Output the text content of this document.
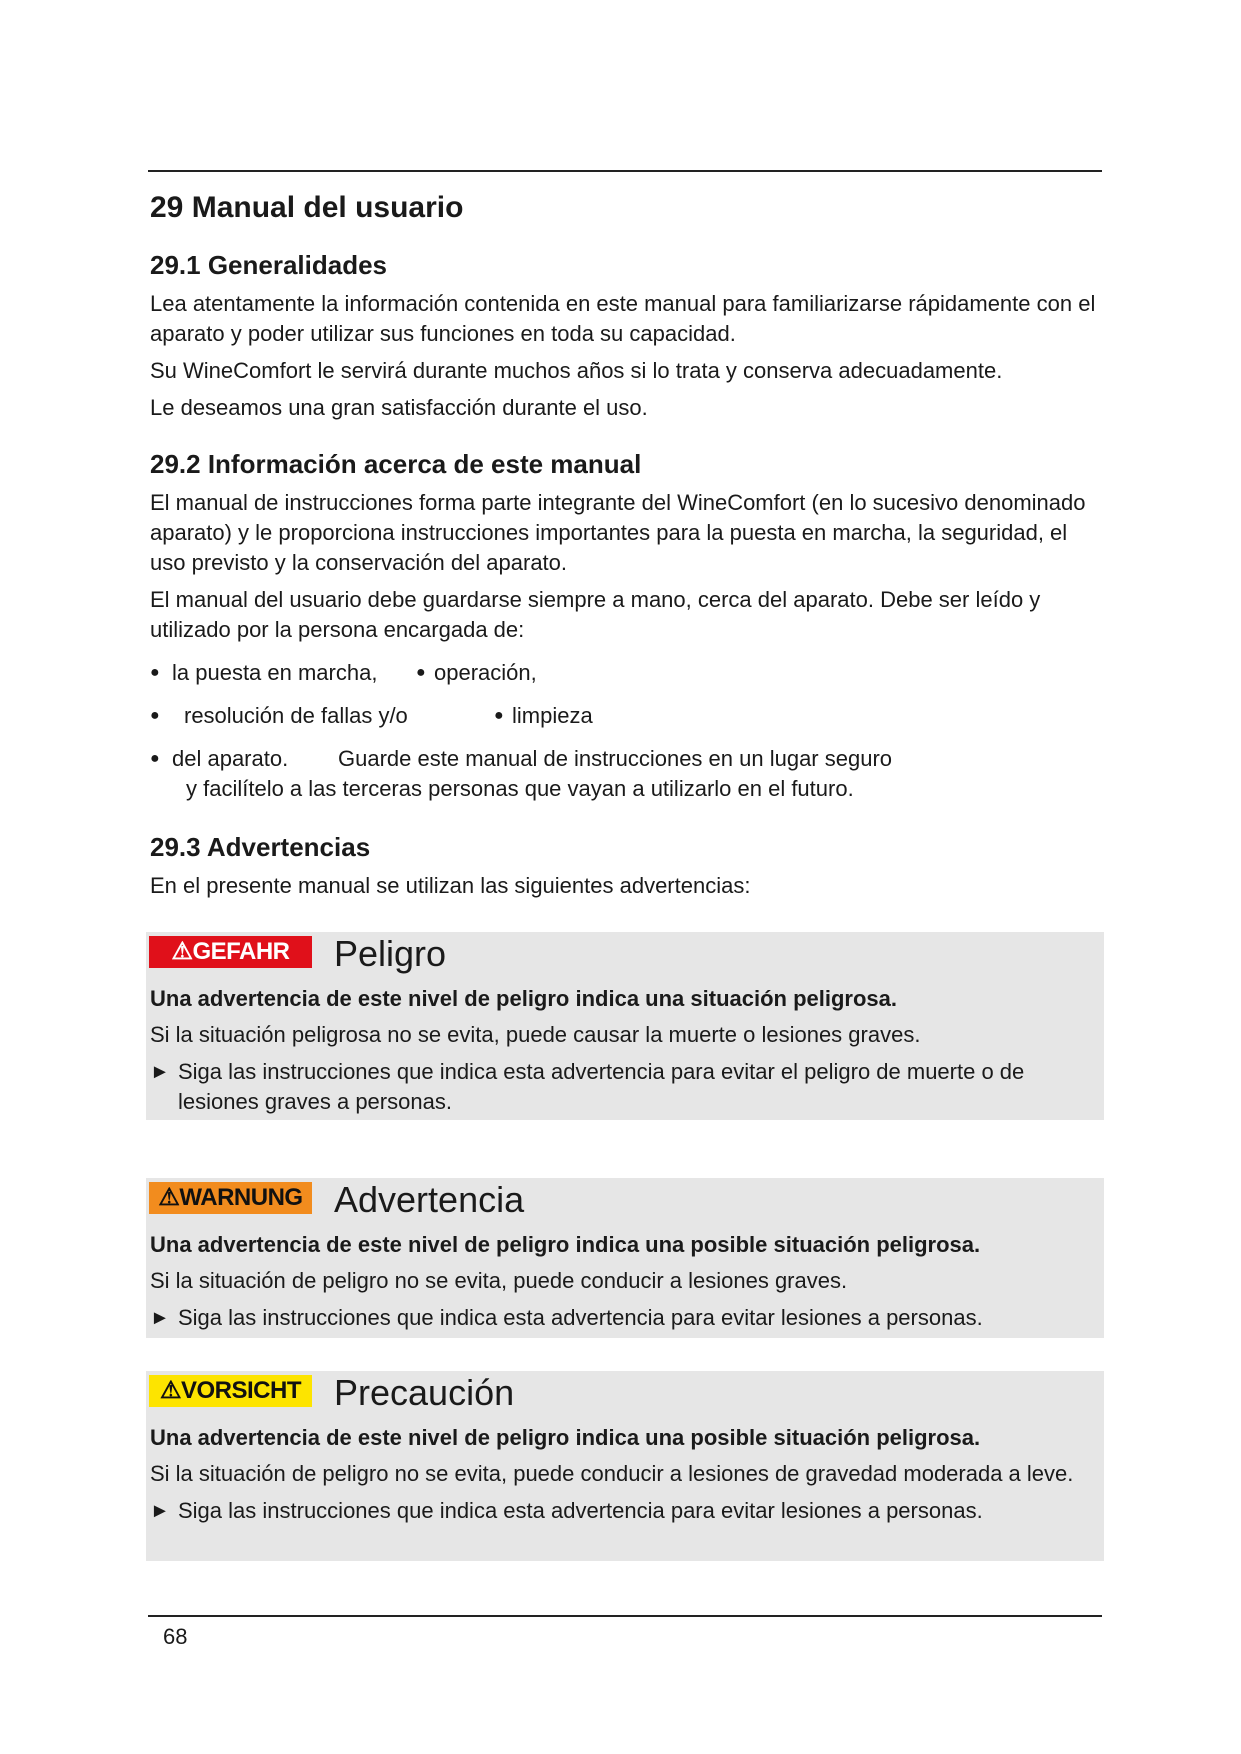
29 Manual del usuario
29.1 Generalidades

Lea atentamente la información contenida en este manual para familiarizarse rápidamente con el aparato y poder utilizar sus funciones en toda su capacidad.

Su WineComfort le servirá durante muchos años si lo trata y conserva adecuadamente.

Le deseamos una gran satisfacción durante el uso.

29.2 Información acerca de este manual

El manual de instrucciones forma parte integrante del WineComfort (en lo sucesivo denominado aparato) y le proporciona instrucciones importantes para la puesta en marcha, la seguridad, el uso previsto y la conservación del aparato.

El manual del usuario debe guardarse siempre a mano, cerca del aparato. Debe ser leído y utilizado por la persona encargada de:

● la puesta en marcha, ● operación,
● resolución de fallas y/o	● limpieza
● del aparato. Guarde este manual de instrucciones en un lugar seguro
y facilítelo a las terceras personas que vayan a utilizarlo en el futuro.
29.3 Advertencias

En el presente manual se utilizan las siguientes advertencias:

⚠GEFAHR	Peligro
Una advertencia de este nivel de peligro indica una situación peligrosa.

Si la situación peligrosa no se evita, puede causar la muerte o lesiones graves.

► Siga las instrucciones que indica esta advertencia para evitar el peligro de muerte o de lesiones graves a personas.
⚠WARNUNG Advertencia
Una advertencia de este nivel de peligro indica una posible situación peligrosa.

Si la situación de peligro no se evita, puede conducir a lesiones graves.

► Siga las instrucciones que indica esta advertencia para evitar lesiones a personas.
⚠VORSICHT Precaución
Una advertencia de este nivel de peligro indica una posible situación peligrosa.

Si la situación de peligro no se evita, puede conducir a lesiones de gravedad moderada a leve.

► Siga las instrucciones que indica esta advertencia para evitar lesiones a personas.
68
